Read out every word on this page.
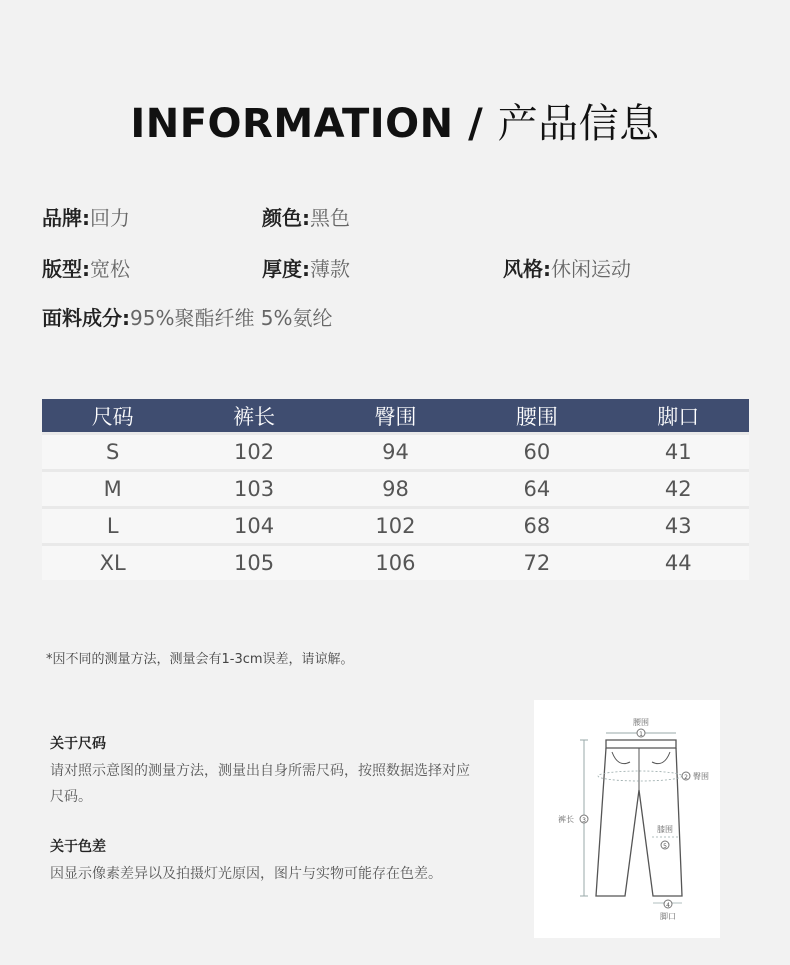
INFORMATION / 产品信息
品牌:回力	颜色:黑色
版型:宽松	厚度:薄款	风格:休闲运动
面料成分:95%聚酯纤维 5%氨纶
尺码	裤长	臀围	腰围	脚口
S	102	94	60	41
M	103	98	64	42
L	104	102	68	43
XL	105	106	72	44
*因不同的测量方法，测量会有1-3cm误差，请谅解。
关于尺码
请对照示意图的测量方法，测量出自身所需尺码，按照数据选择对应尺码。
关于色差
因显示像素差异以及拍摄灯光原因，图片与实物可能存在色差。
1
腰围
2 臀围
3
裤长
5
膝围
4
脚口
